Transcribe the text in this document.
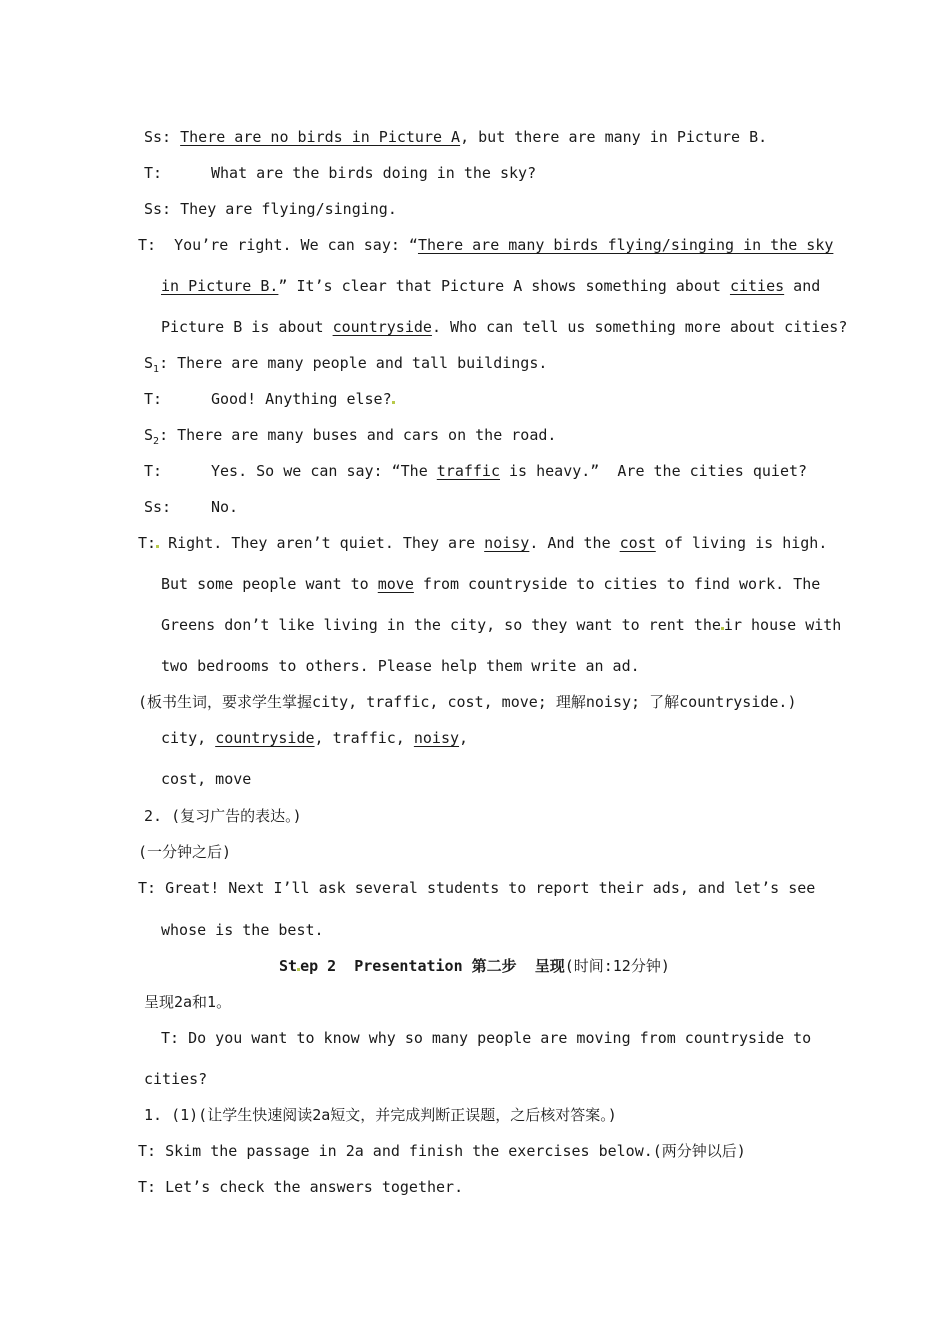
Ss: There are no birds in Picture A, but there are many in Picture B.
T:	What are the birds doing in the sky?
Ss: They are flying/singing.
T:  You’re right. We can say: “There are many birds flying/singing in the sky
in Picture B.” It’s clear that Picture A shows something about cities and
Picture B is about countryside. Who can tell us something more about cities?
$S_1$: There are many people and tall buildings.
T:	Good! Anything else?
$S_2$: There are many buses and cars on the road.
T:	Yes. So we can say: “The traffic is heavy.”  Are the cities quiet?
Ss:	No.
T: Right. They aren’t quiet. They are noisy. And the cost of living is high.
But some people want to move from countryside to cities to find work. The
Greens don’t like living in the city, so they want to rent the ir house with
two bedrooms to others. Please help them write an ad.
(板书生词，要求学生掌握city, traffic, cost, move; 理解noisy; 了解countryside.)
city, countryside, traffic, noisy,
cost, move
2. (复习广告的表达。)
(一分钟之后)
T: Great! Next I’ll ask several students to report their ads, and let’s see
whose is the best.
St ep 2  Presentation 第二步  呈现(时间:12分钟)
呈现2a和1。
T: Do you want to know why so many people are moving from countryside to
cities?
1. (1)(让学生快速阅读2a短文，并完成判断正误题，之后核对答案。)
T: Skim the passage in 2a and finish the exercises below.(两分钟以后)
T: Let’s check the answers together.
